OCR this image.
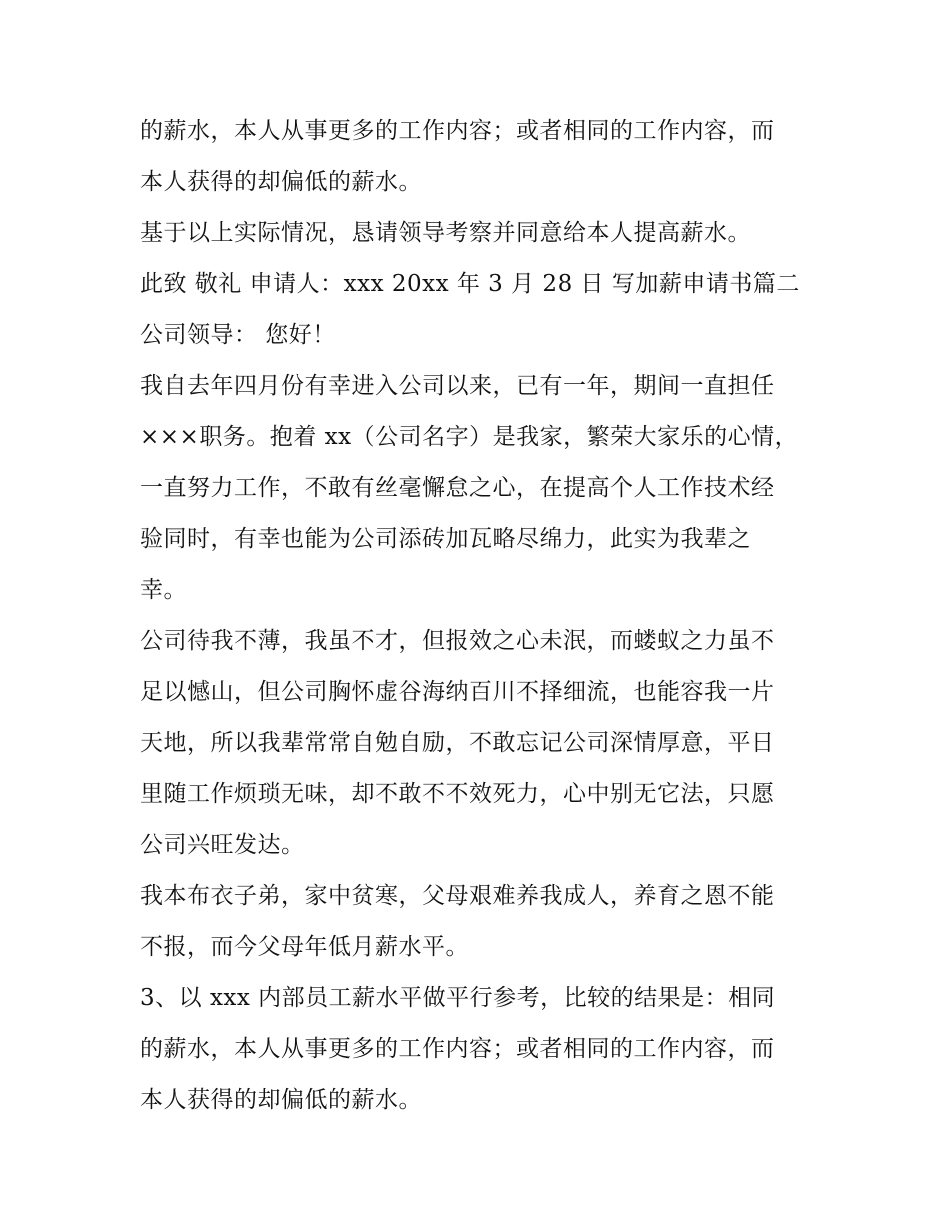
的薪水，本人从事更多的工作内容；或者相同的工作内容，而
本人获得的却偏低的薪水。
基于以上实际情况，恳请领导考察并同意给本人提高薪水。
此致 敬礼 申请人：xxx 20xx 年 3 月 28 日 写加薪申请书篇二
公司领导： 您好！
我自去年四月份有幸进入公司以来，已有一年，期间一直担任
×××职务。抱着 xx（公司名字）是我家，繁荣大家乐的心情，
一直努力工作，不敢有丝毫懈怠之心，在提高个人工作技术经
验同时，有幸也能为公司添砖加瓦略尽绵力，此实为我辈之
幸。
公司待我不薄，我虽不才，但报效之心未泯，而蝼蚁之力虽不
足以憾山，但公司胸怀虚谷海纳百川不择细流，也能容我一片
天地，所以我辈常常自勉自励，不敢忘记公司深情厚意，平日
里随工作烦琐无味，却不敢不不效死力，心中别无它法，只愿
公司兴旺发达。
我本布衣子弟，家中贫寒，父母艰难养我成人，养育之恩不能
不报，而今父母年低月薪水平。
3、以 xxx 内部员工薪水平做平行参考，比较的结果是：相同
的薪水，本人从事更多的工作内容；或者相同的工作内容，而
本人获得的却偏低的薪水。
